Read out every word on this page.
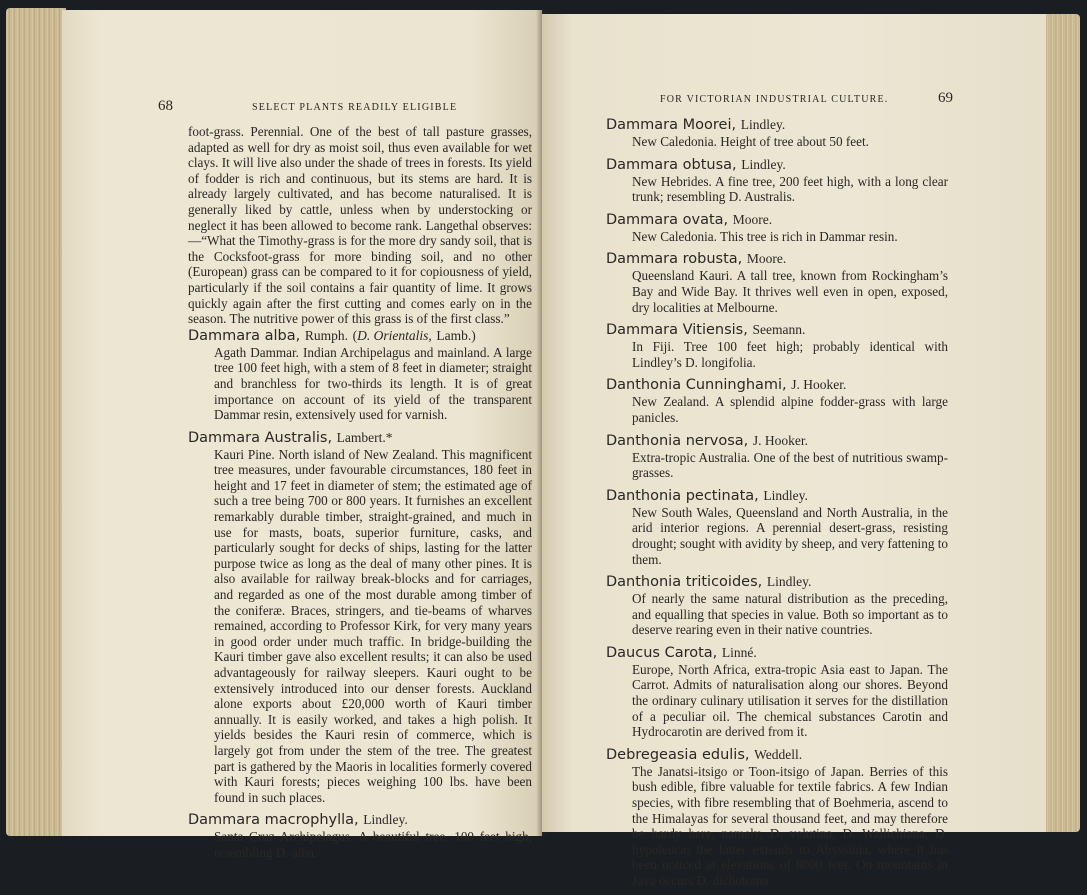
68	SELECT PLANTS READILY ELIGIBLE

foot-grass. Perennial. One of the best of tall pasture grasses, adapted as well for dry as moist soil, thus even available for wet clays. It will live also under the shade of trees in forests. Its yield of fodder is rich and continuous, but its stems are hard. It is already largely cultivated, and has become naturalised. It is generally liked by cattle, unless when by understocking or neglect it has been allowed to become rank. Langethal observes:—“What the Timothy-grass is for the more dry sandy soil, that is the Cocksfoot-grass for more binding soil, and no other (European) grass can be compared to it for copiousness of yield, particularly if the soil contains a fair quantity of lime. It grows quickly again after the first cutting and comes early on in the season. The nutritive power of this grass is of the first class.”

Dammara alba, Rumph. (D. Orientalis, Lamb.)
Agath Dammar. Indian Archipelagus and mainland. A large tree 100 feet high, with a stem of 8 feet in diameter; straight and branchless for two-thirds its length. It is of great importance on account of its yield of the transparent Dammar resin, extensively used for varnish.
Dammara Australis, Lambert.*
Kauri Pine. North island of New Zealand. This magnificent tree measures, under favourable circumstances, 180 feet in height and 17 feet in diameter of stem; the estimated age of such a tree being 700 or 800 years. It furnishes an excellent remarkably durable timber, straight-grained, and much in use for masts, boats, superior furniture, casks, and particularly sought for decks of ships, lasting for the latter purpose twice as long as the deal of many other pines. It is also available for railway break-blocks and for carriages, and regarded as one of the most durable among timber of the coniferæ. Braces, stringers, and tie-beams of wharves remained, according to Professor Kirk, for very many years in good order under much traffic. In bridge-building the Kauri timber gave also excellent results; it can also be used advantageously for railway sleepers. Kauri ought to be extensively introduced into our denser forests. Auckland alone exports about £20,000 worth of Kauri timber annually. It is easily worked, and takes a high polish. It yields besides the Kauri resin of commerce, which is largely got from under the stem of the tree. The greatest part is gathered by the Maoris in localities formerly covered with Kauri forests; pieces weighing 100 lbs. have been found in such places.
Dammara macrophylla, Lindley.
Santa Cruz Archipelagus. A beautiful tree, 100 feet high, resembling D. alba.
FOR VICTORIAN INDUSTRIAL CULTURE.	69
Dammara Moorei, Lindley.
New Caledonia. Height of tree about 50 feet.
Dammara obtusa, Lindley.
New Hebrides. A fine tree, 200 feet high, with a long clear trunk; resembling D. Australis.
Dammara ovata, Moore.
New Caledonia. This tree is rich in Dammar resin.
Dammara robusta, Moore.
Queensland Kauri. A tall tree, known from Rockingham’s Bay and Wide Bay. It thrives well even in open, exposed, dry localities at Melbourne.
Dammara Vitiensis, Seemann.
In Fiji. Tree 100 feet high; probably identical with Lindley’s D. longifolia.
Danthonia Cunninghami, J. Hooker.
New Zealand. A splendid alpine fodder-grass with large panicles.
Danthonia nervosa, J. Hooker.
Extra-tropic Australia. One of the best of nutritious swamp-grasses.
Danthonia pectinata, Lindley.
New South Wales, Queensland and North Australia, in the arid interior regions. A perennial desert-grass, resisting drought; sought with avidity by sheep, and very fattening to them.
Danthonia triticoides, Lindley.
Of nearly the same natural distribution as the preceding, and equalling that species in value. Both so important as to deserve rearing even in their native countries.
Daucus Carota, Linné.
Europe, North Africa, extra-tropic Asia east to Japan. The Carrot. Admits of naturalisation along our shores. Beyond the ordinary culinary utilisation it serves for the distillation of a peculiar oil. The chemical substances Carotin and Hydrocarotin are derived from it.
Debregeasia edulis, Weddell.
The Janatsi-itsigo or Toon-itsigo of Japan. Berries of this bush edible, fibre valuable for textile fabrics. A few Indian species, with fibre resembling that of Boehmeria, ascend to the Himalayas for several thousand feet, and may therefore be hardy here, namely, D. velutina, D. Wallichiana, D. hypoleuca; the latter extends to Abyssinia, where it has been noticed at elevations of 8000 feet. On mountains in Java occurs D. dichotoma.
